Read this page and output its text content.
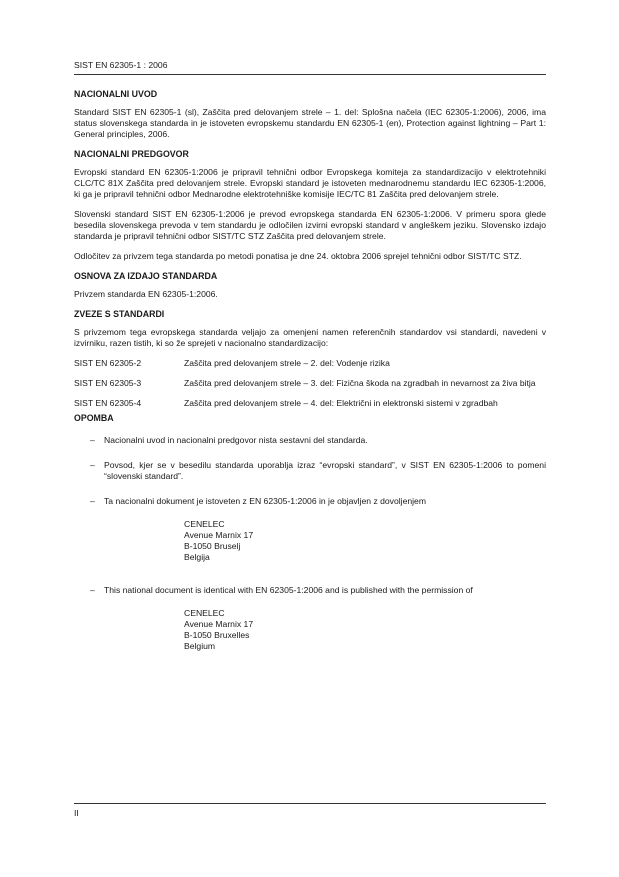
SIST EN 62305-1 : 2006
NACIONALNI UVOD

Standard SIST EN 62305-1 (sl), Zaščita pred delovanjem strele – 1. del: Splošna načela (IEC 62305-1:2006), 2006, ima status slovenskega standarda in je istoveten evropskemu standardu EN 62305-1 (en), Protection against lightning – Part 1: General principles, 2006.

NACIONALNI PREDGOVOR

Evropski standard EN 62305-1:2006 je pripravil tehnični odbor Evropskega komiteja za standardizacijo v elektrotehniki CLC/TC 81X Zaščita pred delovanjem strele. Evropski standard je istoveten mednarodnemu standardu IEC 62305-1:2006, ki ga je pripravil tehnični odbor Mednarodne elektrotehniške komisije IEC/TC 81 Zaščita pred delovanjem strele.

Slovenski standard SIST EN 62305-1:2006 je prevod evropskega standarda EN 62305-1:2006. V primeru spora glede besedila slovenskega prevoda v tem standardu je odločilen izvirni evropski standard v angleškem jeziku. Slovensko izdajo standarda je pripravil tehnični odbor SIST/TC STZ Zaščita pred delovanjem strele.

Odločitev za privzem tega standarda po metodi ponatisa je dne 24. oktobra 2006 sprejel tehnični odbor SIST/TC STZ.

OSNOVA ZA IZDAJO STANDARDA

Privzem standarda EN 62305-1:2006.

ZVEZE S STANDARDI

S privzemom tega evropskega standarda veljajo za omenjeni namen referenčnih standardov vsi standardi, navedeni v izvirniku, razen tistih, ki so že sprejeti v nacionalno standardizacijo:

SIST EN 62305-2	Zaščita pred delovanjem strele – 2. del: Vodenje rizika
SIST EN 62305-3	Zaščita pred delovanjem strele – 3. del: Fizična škoda na zgradbah in nevarnost za živa bitja
SIST EN 62305-4	Zaščita pred delovanjem strele – 4. del: Električni in elektronski sistemi v zgradbah
OPOMBA
–	Nacionalni uvod in nacionalni predgovor nista sestavni del standarda.
–	Povsod, kjer se v besedilu standarda uporablja izraz “evropski standard”, v SIST EN 62305-1:2006 to pomeni “slovenski standard”.
–	Ta nacionalni dokument je istoveten z EN 62305-1:2006 in je objavljen z dovoljenjem
CENELEC
Avenue Marnix 17
B-1050 Bruselj
Belgija
–	This national document is identical with EN 62305-1:2006 and is published with the permission of
CENELEC
Avenue Marnix 17
B-1050 Bruxelles
Belgium
II
